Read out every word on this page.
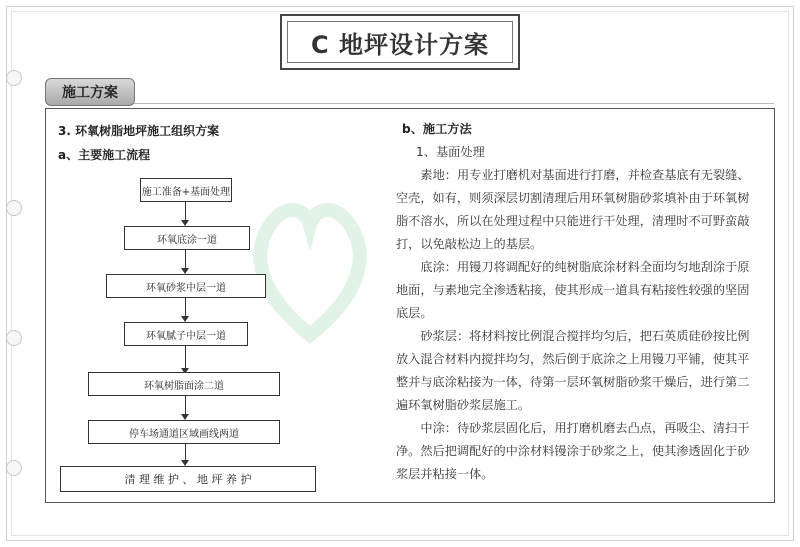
C 地坪设计方案
施工方案
3. 环氧树脂地坪施工组织方案
a、主要施工流程
施工准备+基面处理
环氧底涂一道
环氧砂浆中层一道
环氧腻子中层一道
环氧树脂面涂二道
停车场通道区域画线两道
清 理 维 护 、 地 坪 养 护
b、施工方法
1、基面处理

素地：用专业打磨机对基面进行打磨，并检查基底有无裂缝、空壳，如有，则须深层切割清理后用环氧树脂砂浆填补由于环氧树脂不溶水，所以在处理过程中只能进行干处理，清理时不可野蛮敲打，以免敲松边上的基层。

底涂：用镘刀将调配好的纯树脂底涂材料全面均匀地刮涂于原地面，与素地完全渗透粘接，使其形成一道具有粘接性较强的坚固底层。

砂浆层：将材料按比例混合搅拌均匀后，把石英质硅砂按比例放入混合材料内搅拌均匀，然后倒于底涂之上用镘刀平铺，使其平整并与底涂粘接为一体，待第一层环氧树脂砂浆干燥后，进行第二遍环氧树脂砂浆层施工。

中涂：待砂浆层固化后，用打磨机磨去凸点，再吸尘、清扫干净。然后把调配好的中涂材料镘涂于砂浆之上，使其渗透固化于砂浆层并粘接一体。
